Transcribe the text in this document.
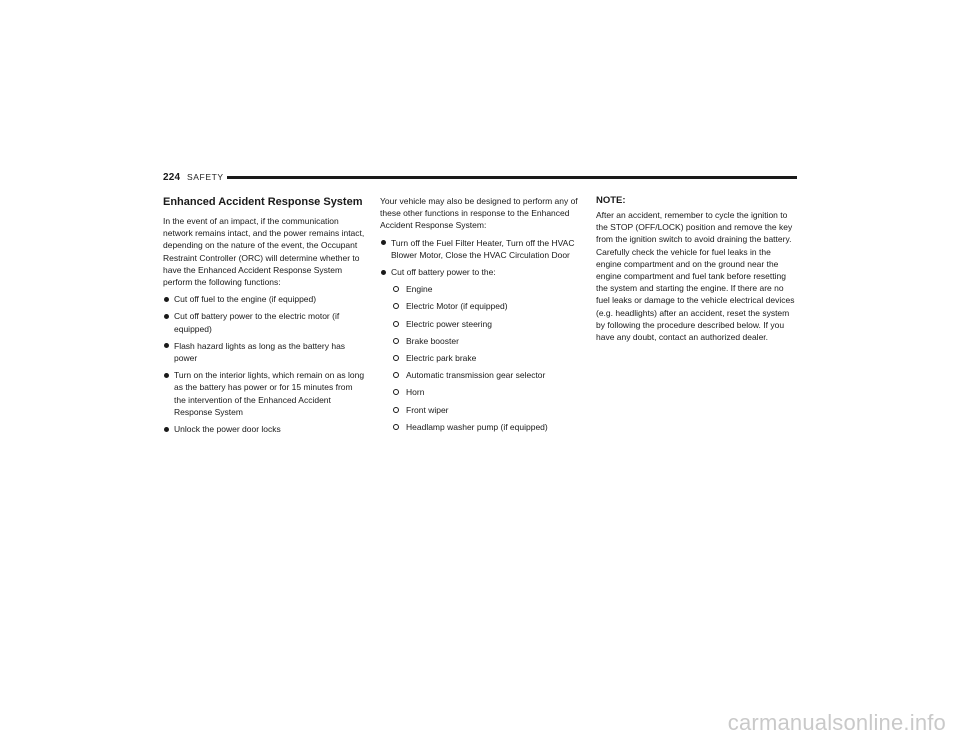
224 SAFETY
Enhanced Accident Response System
In the event of an impact, if the communication network remains intact, and the power remains intact, depending on the nature of the event, the Occupant Restraint Controller (ORC) will determine whether to have the Enhanced Accident Response System perform the following functions:
Cut off fuel to the engine (if equipped)
Cut off battery power to the electric motor (if equipped)
Flash hazard lights as long as the battery has power
Turn on the interior lights, which remain on as long as the battery has power or for 15 minutes from the intervention of the Enhanced Accident Response System
Unlock the power door locks
Your vehicle may also be designed to perform any of these other functions in response to the Enhanced Accident Response System:
Turn off the Fuel Filter Heater, Turn off the HVAC Blower Motor, Close the HVAC Circulation Door
Cut off battery power to the:
Engine
Electric Motor (if equipped)
Electric power steering
Brake booster
Electric park brake
Automatic transmission gear selector
Horn
Front wiper
Headlamp washer pump (if equipped)
NOTE:
After an accident, remember to cycle the ignition to the STOP (OFF/LOCK) position and remove the key from the ignition switch to avoid draining the battery. Carefully check the vehicle for fuel leaks in the engine compartment and on the ground near the engine compartment and fuel tank before resetting the system and starting the engine. If there are no fuel leaks or damage to the vehicle electrical devices (e.g. headlights) after an accident, reset the system by following the procedure described below. If you have any doubt, contact an authorized dealer.
carmanualsonline.info
